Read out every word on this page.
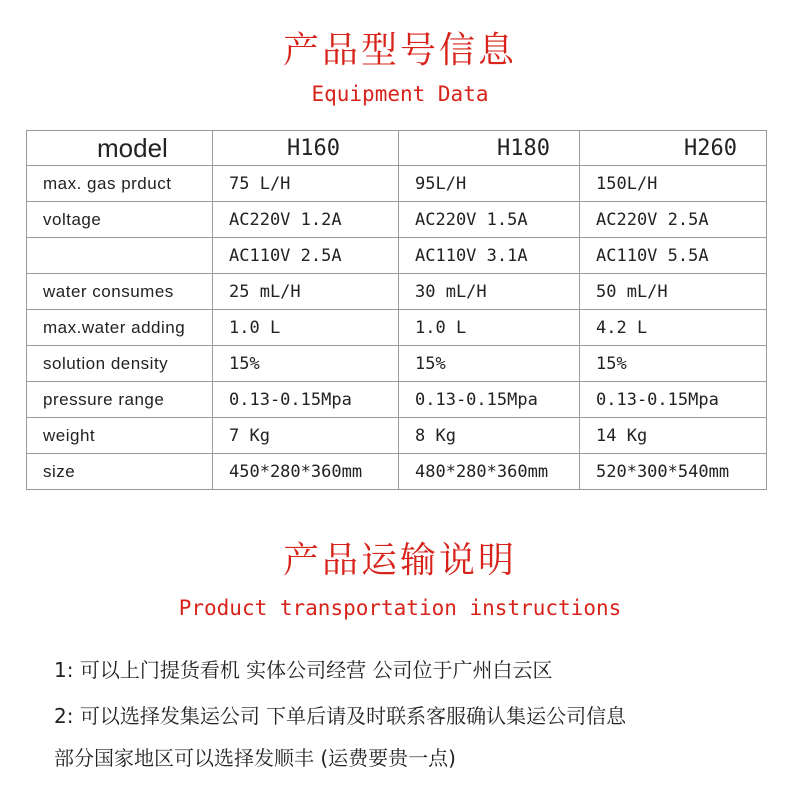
产品型号信息
Equipment Data
model	H160	H180	H260
max. gas prduct	75 L/H	95L/H	150L/H
voltage	AC220V 1.2A	AC220V 1.5A	AC220V 2.5A
	AC110V 2.5A	AC110V 3.1A	AC110V 5.5A
water consumes	25 mL/H	30 mL/H	50 mL/H
max.water adding	1.0 L	1.0 L	4.2 L
solution density	15%	15%	15%
pressure range	0.13-0.15Mpa	0.13-0.15Mpa	0.13-0.15Mpa
weight	7 Kg	8 Kg	14 Kg
size	450*280*360mm	480*280*360mm	520*300*540mm
产品运输说明
Product transportation instructions
1: 可以上门提货看机 实体公司经营 公司位于广州白云区
2: 可以选择发集运公司 下单后请及时联系客服确认集运公司信息
部分国家地区可以选择发顺丰 (运费要贵一点)
